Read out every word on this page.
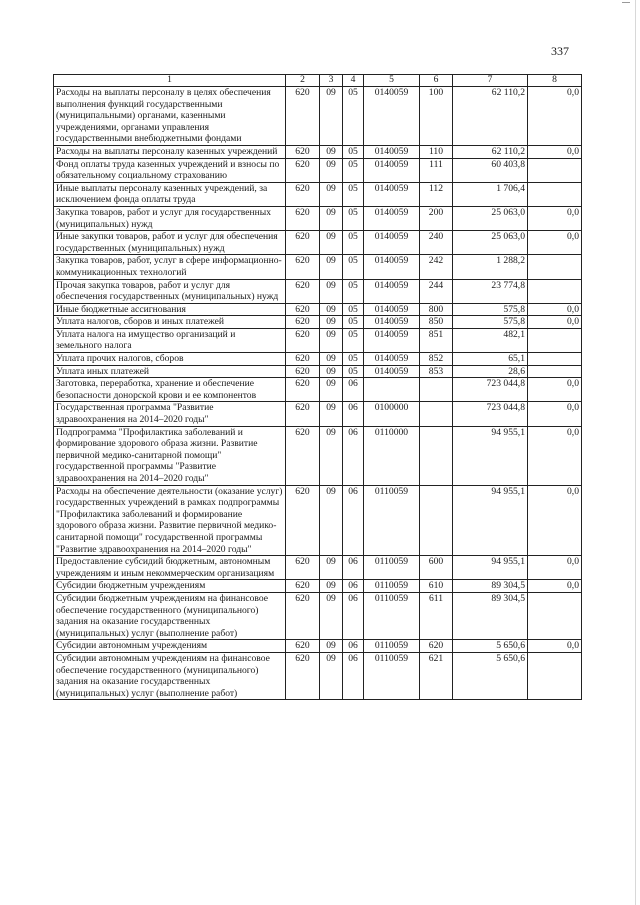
337
1	2	3	4	5	6	7	8
Расходы на выплаты персоналу в целях обеспечения выполнения функций государственными (муниципальными) органами, казенными учреждениями, органами управления государственными внебюджетными фондами	620	09	05	0140059	100	62 110,2	0,0
Расходы на выплаты персоналу казенных учреждений	620	09	05	0140059	110	62 110,2	0,0
Фонд оплаты труда казенных учреждений и взносы по обязательному социальному страхованию	620	09	05	0140059	111	60 403,8	
Иные выплаты персоналу казенных учреждений, за исключением фонда оплаты труда	620	09	05	0140059	112	1 706,4	
Закупка товаров, работ и услуг для государственных (муниципальных) нужд	620	09	05	0140059	200	25 063,0	0,0
Иные закупки товаров, работ и услуг для обеспечения государственных (муниципальных) нужд	620	09	05	0140059	240	25 063,0	0,0
Закупка товаров, работ, услуг в сфере информационно-коммуникационных технологий	620	09	05	0140059	242	1 288,2	
Прочая закупка товаров, работ и услуг для обеспечения государственных (муниципальных) нужд	620	09	05	0140059	244	23 774,8	
Иные бюджетные ассигнования	620	09	05	0140059	800	575,8	0,0
Уплата налогов, сборов и иных платежей	620	09	05	0140059	850	575,8	0,0
Уплата налога на имущество организаций и земельного налога	620	09	05	0140059	851	482,1	
Уплата прочих налогов, сборов	620	09	05	0140059	852	65,1	
Уплата иных платежей	620	09	05	0140059	853	28,6	
Заготовка, переработка, хранение и обеспечение безопасности донорской крови и ее компонентов	620	09	06			723 044,8	0,0
Государственная программа "Развитие здравоохранения на 2014–2020 годы"	620	09	06	0100000		723 044,8	0,0
Подпрограмма "Профилактика заболеваний и формирование здорового образа жизни. Развитие первичной медико-санитарной помощи" государственной программы "Развитие здравоохранения на 2014–2020 годы"	620	09	06	0110000		94 955,1	0,0
Расходы на обеспечение деятельности (оказание услуг) государственных учреждений в рамках подпрограммы "Профилактика заболеваний и формирование здорового образа жизни. Развитие первичной медико-санитарной помощи" государственной программы "Развитие здравоохранения на 2014–2020 годы"	620	09	06	0110059		94 955,1	0,0
Предоставление субсидий бюджетным, автономным учреждениям и иным некоммерческим организациям	620	09	06	0110059	600	94 955,1	0,0
Субсидии бюджетным учреждениям	620	09	06	0110059	610	89 304,5	0,0
Субсидии бюджетным учреждениям на финансовое обеспечение государственного (муниципального) задания на оказание государственных (муниципальных) услуг (выполнение работ)	620	09	06	0110059	611	89 304,5	
Субсидии автономным учреждениям	620	09	06	0110059	620	5 650,6	0,0
Субсидии автономным учреждениям на финансовое обеспечение государственного (муниципального) задания на оказание государственных (муниципальных) услуг (выполнение работ)	620	09	06	0110059	621	5 650,6	
